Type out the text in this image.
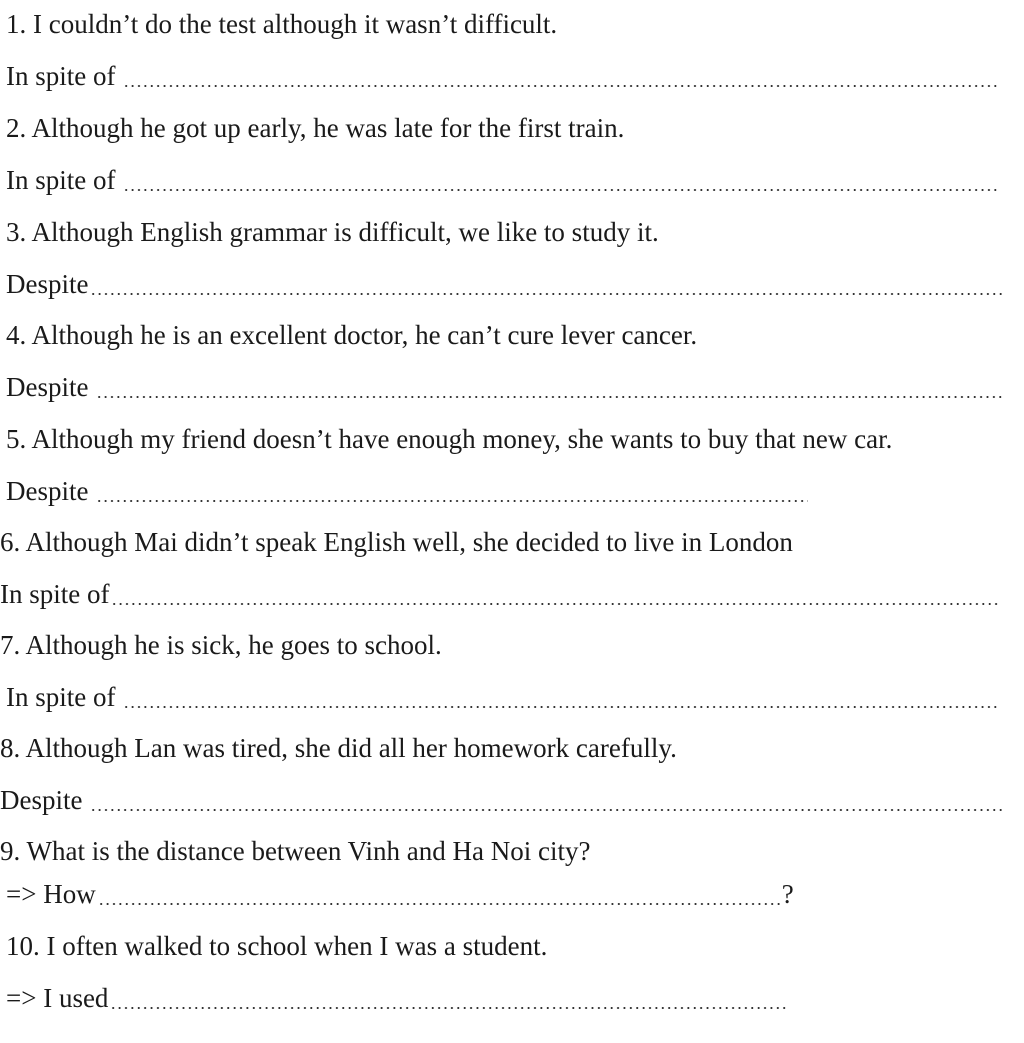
1. I couldn’t do the test although it wasn’t difficult.
In spite of
2. Although he got up early, he was late for the first train.
In spite of
3. Although English grammar is difficult, we like to study it.
Despite
4. Although he is an excellent doctor, he can’t cure lever cancer.
Despite
5. Although my friend doesn’t have enough money, she wants to buy that new car.
Despite
6. Although Mai didn’t speak English well, she decided to live in London
In spite of
7. Although he is sick, he goes to school.
In spite of
8. Although Lan was tired, she did all her homework carefully.
Despite
9. What is the distance between Vinh and Ha Noi city?
=> How	?
10. I often walked to school when I was a student.
=> I used
